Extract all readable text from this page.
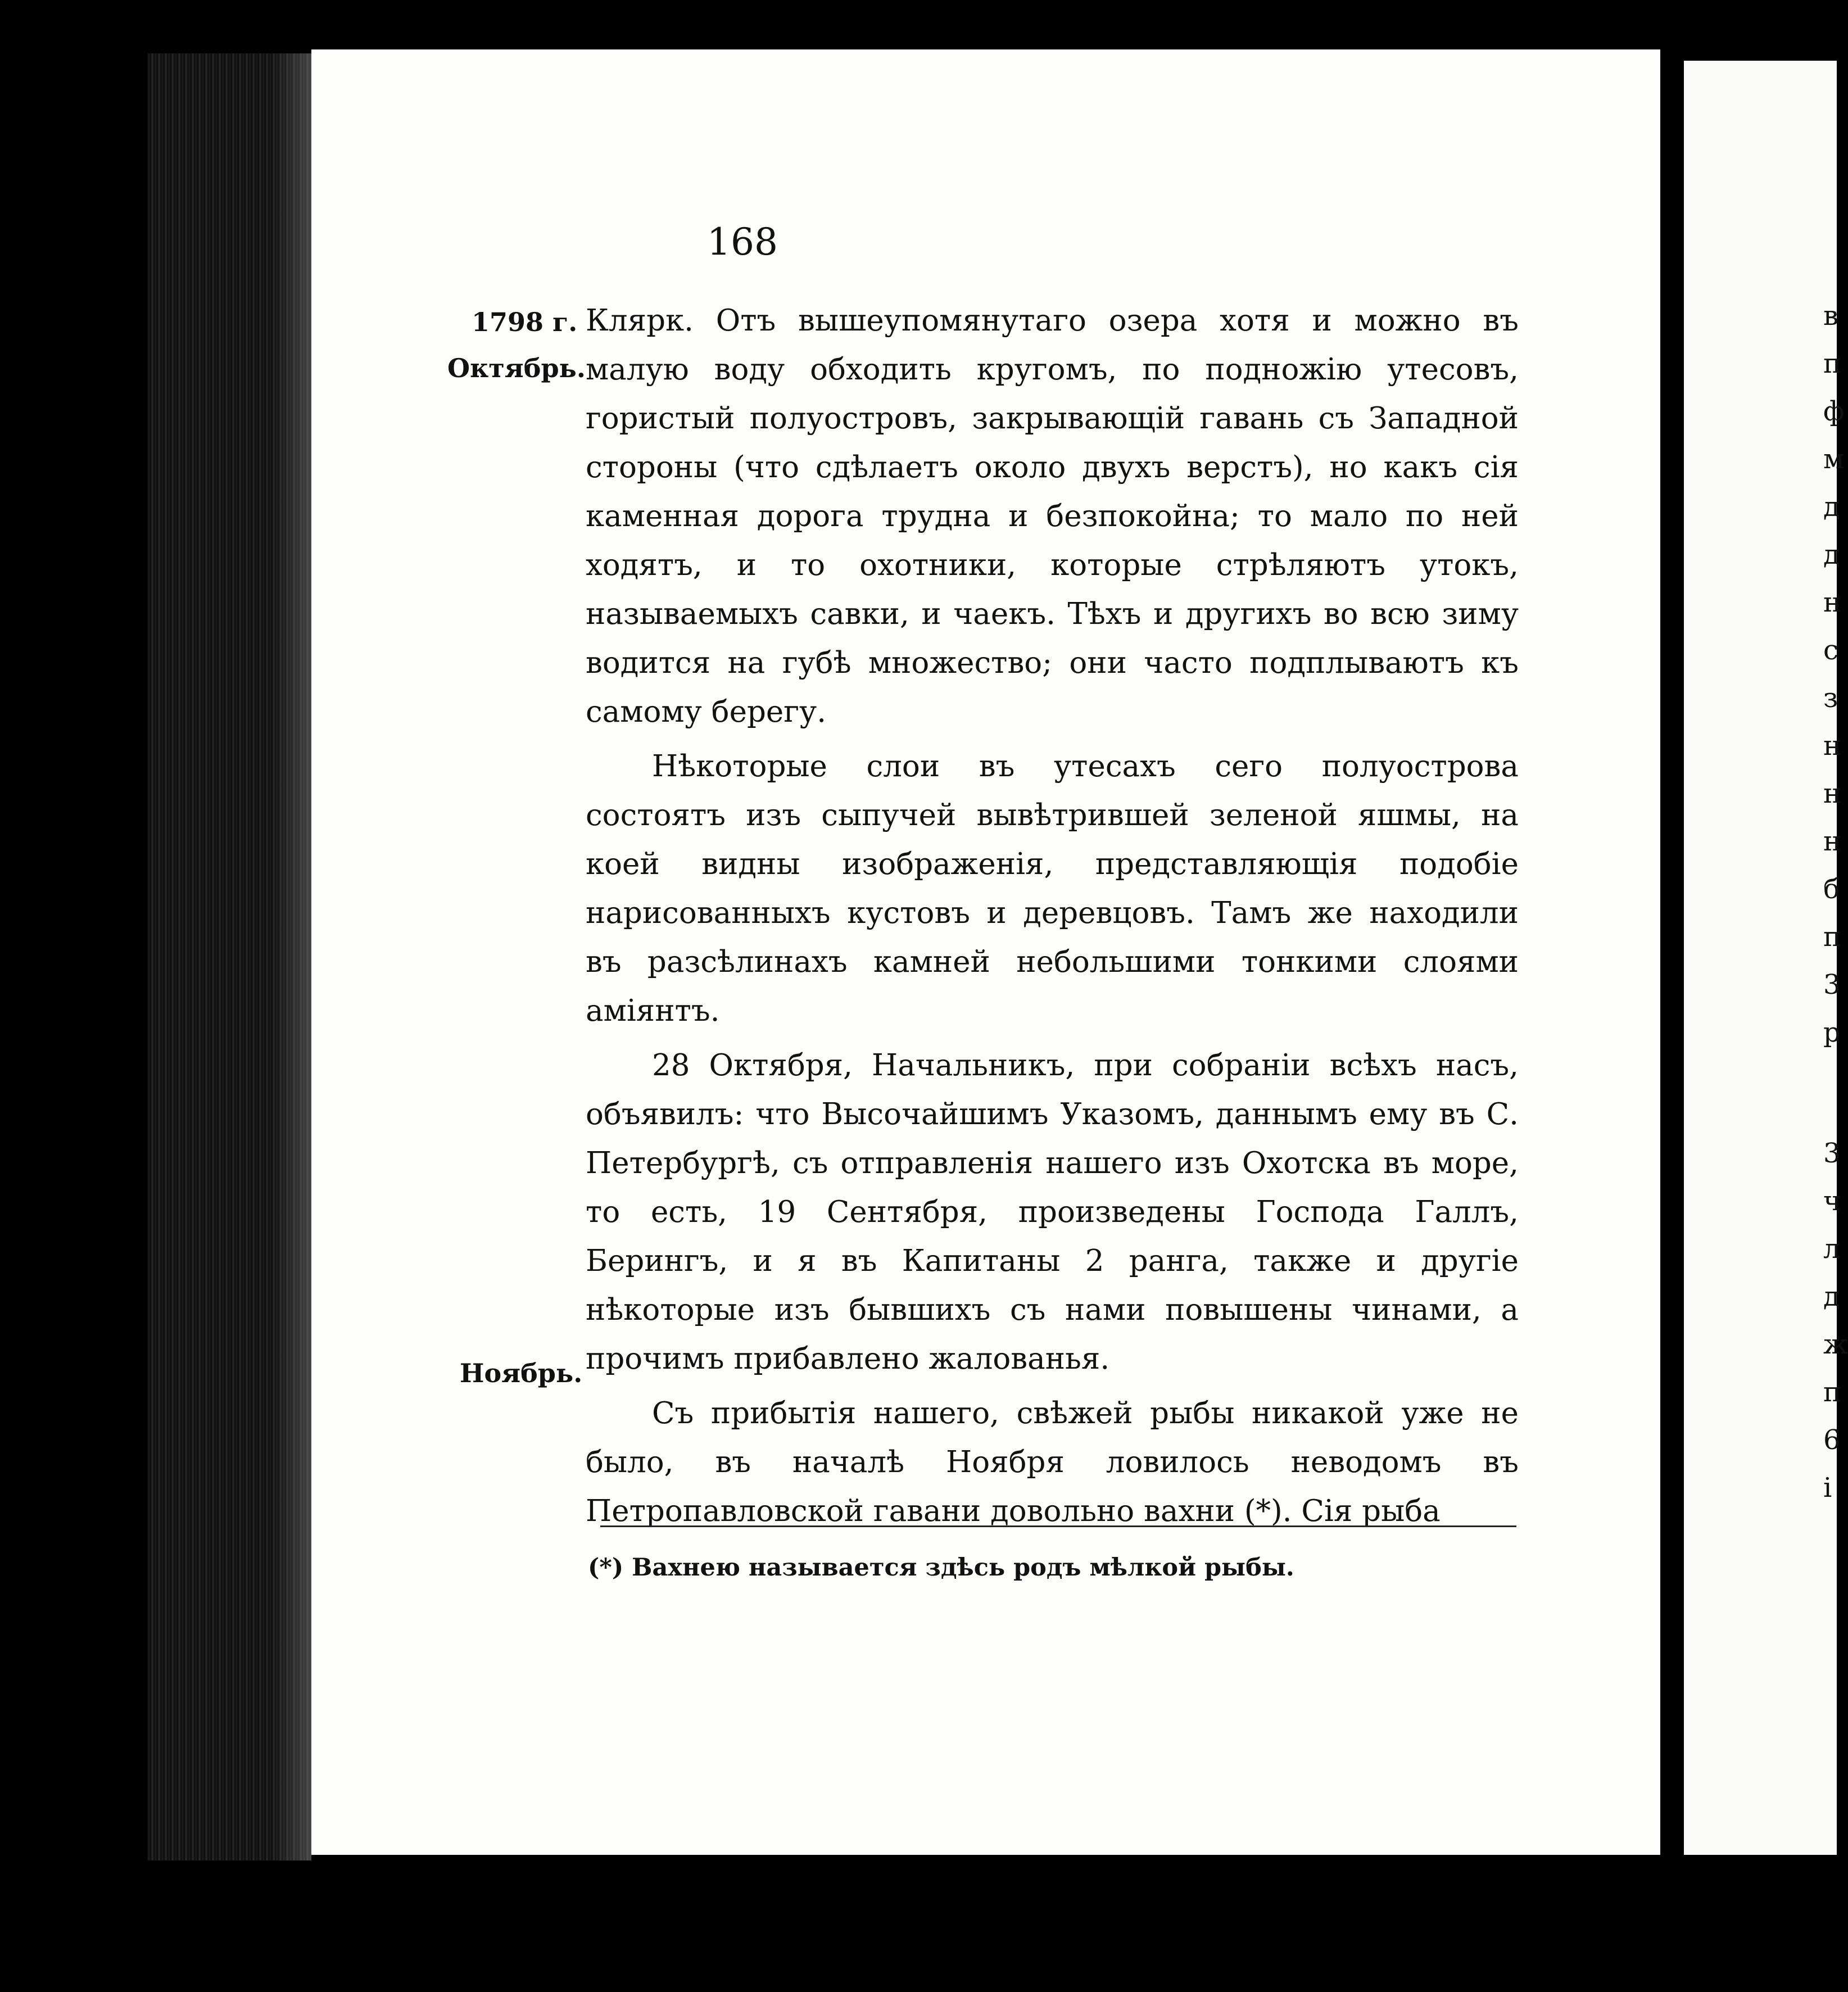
168
1798 г.
Октябрь.
Ноябрь.

Клярк. Отъ вышеупомянутаго озера хотя и можно въ малую воду обходить кругомъ, по подножію утесовъ, гористый полуостровъ, закрывающій гавань съ Западной стороны (что сдѣлаетъ около двухъ верстъ), но какъ сія каменная дорога трудна и безпокойна; то мало по ней ходятъ, и то охотники, которые стрѣляютъ утокъ, называемыхъ савки, и чаекъ. Тѣхъ и другихъ во всю зиму водится на губѣ множество; они часто подплываютъ къ самому берегу.

Нѣкоторые слои въ утесахъ сего полуострова состоятъ изъ сыпучей вывѣтрившей зеленой яшмы, на коей видны изображенія, представляющія подобіе нарисованныхъ кустовъ и деревцовъ. Тамъ же находили въ разсѣлинахъ камней небольшими тонкими слоями аміянтъ.

28 Октября, Начальникъ, при собраніи всѣхъ насъ, объявилъ: что Высочайшимъ Указомъ, даннымъ ему въ С. Петербургѣ, съ отправленія нашего изъ Охотска въ море, то есть, 19 Сентября, произведены Господа Галлъ, Берингъ, и я въ Капитаны 2 ранга, также и другіе нѣкоторые изъ бывшихъ съ нами повышены чинами, а прочимъ прибавлено жалованья.

Съ прибытія нашего, свѣжей рыбы никакой уже не было, въ началѣ Ноября ловилось неводомъ въ Петропавловской гавани довольно вахни (*). Сія рыба

(*) Вахнею называется здѣсь родъ мѣлкой рыбы.
в
п
ф
м
д
д
н
с
з
н
н
н
б
п
3
р
3
ч
л
д
ж
п
6
і
